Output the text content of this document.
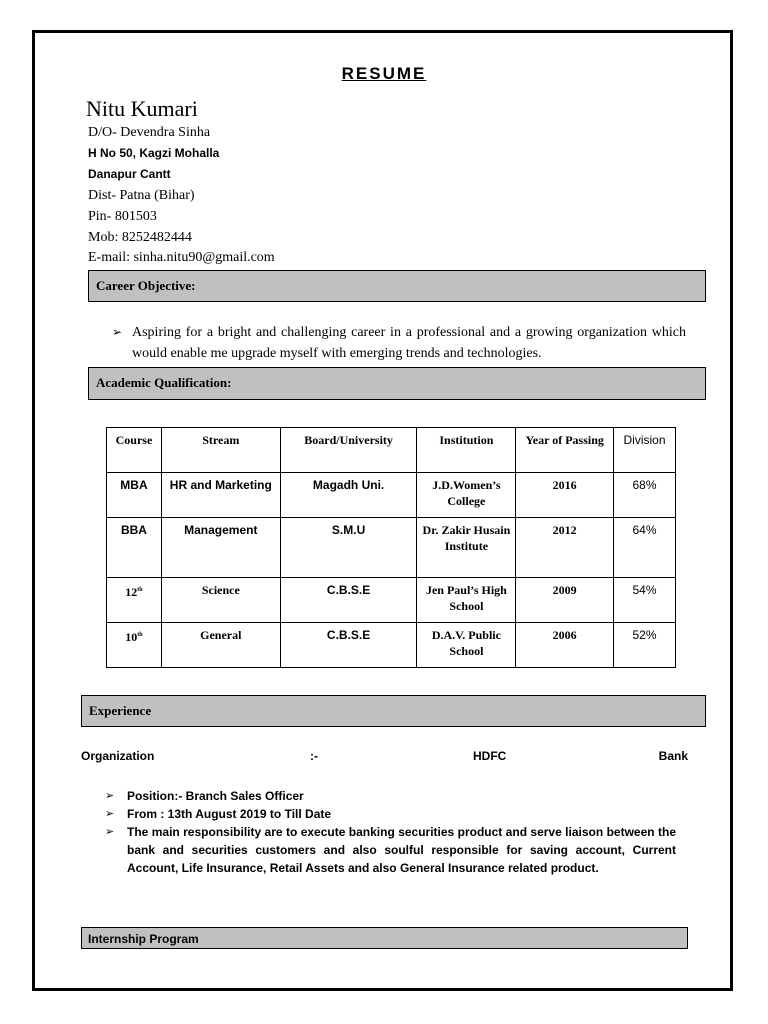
RESUME
Nitu Kumari
D/O- Devendra Sinha
H No 50, Kagzi Mohalla
Danapur Cantt
Dist- Patna (Bihar)
Pin- 801503
Mob: 8252482444
E-mail: sinha.nitu90@gmail.com
Career Objective:
➢ Aspiring for a bright and challenging career in a professional and a growing organization which would enable me upgrade myself with emerging trends and technologies.

Academic Qualification:
Course	Stream	Board/University	Institution	Year of Passing	Division
MBA	HR and Marketing	Magadh Uni.	J.D.Women’s College	2016	68%
BBA	Management	S.M.U	Dr. Zakir Husain Institute	2012	64%
12th	Science	C.B.S.E	Jen Paul’s High School	2009	54%
10th	General	C.B.S.E	D.A.V. Public School	2006	52%
Experience
Organization	:-	HDFC	Bank
➢ Position:- Branch Sales Officer
➢ From : 13th August 2019 to Till Date
➢ The main responsibility are to execute banking securities product and serve liaison between the bank and securities customers and also soulful responsible for saving account, Current Account, Life Insurance, Retail Assets and also General Insurance related product.
Internship Program
